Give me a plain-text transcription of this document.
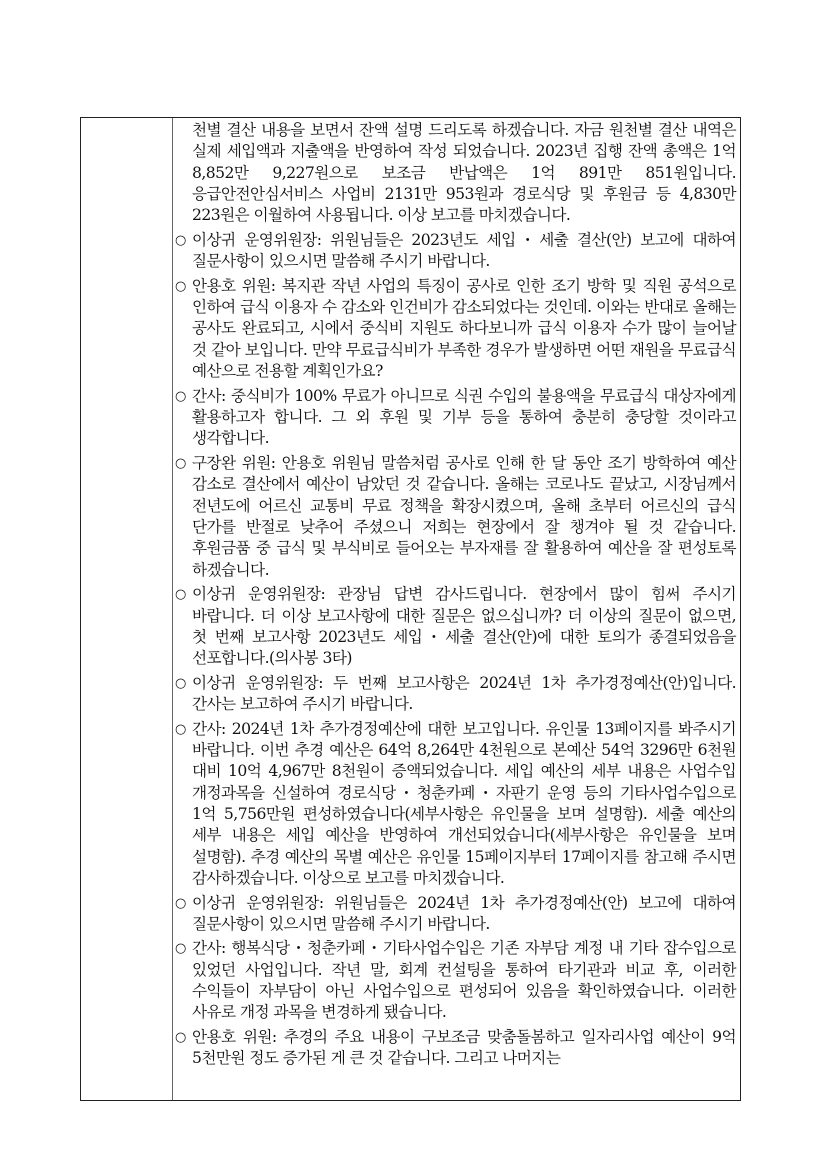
천별 결산 내용을 보면서 잔액 설명 드리도록 하겠습니다. 자금 원천별 결산 내역은 실제 세입액과 지출액을 반영하여 작성 되었습니다. 2023년 집행 잔액 총액은 1억 8,852만 9,227원으로 보조금 반납액은 1억 891만 851원입니다. 응급안전안심서비스 사업비 2131만 953원과 경로식당 및 후원금 등 4,830만 223원은 이월하여 사용됩니다. 이상 보고를 마치겠습니다.

○ 이상귀 운영위원장: 위원님들은 2023년도 세입・세출 결산(안) 보고에 대하여 질문사항이 있으시면 말씀해 주시기 바랍니다.

○ 안용호 위원: 복지관 작년 사업의 특징이 공사로 인한 조기 방학 및 직원 공석으로 인하여 급식 이용자 수 감소와 인건비가 감소되었다는 것인데. 이와는 반대로 올해는 공사도 완료되고, 시에서 중식비 지원도 하다보니까 급식 이용자 수가 많이 늘어날 것 같아 보입니다. 만약 무료급식비가 부족한 경우가 발생하면 어떤 재원을 무료급식 예산으로 전용할 계획인가요?

○ 간사: 중식비가 100% 무료가 아니므로 식권 수입의 불용액을 무료급식 대상자에게 활용하고자 합니다. 그 외 후원 및 기부 등을 통하여 충분히 충당할 것이라고 생각합니다.

○ 구장완 위원: 안용호 위원님 말씀처럼 공사로 인해 한 달 동안 조기 방학하여 예산 감소로 결산에서 예산이 남았던 것 같습니다. 올해는 코로나도 끝났고, 시장님께서 전년도에 어르신 교통비 무료 정책을 확장시켰으며, 올해 초부터 어르신의 급식 단가를 반절로 낮추어 주셨으니 저희는 현장에서 잘 챙겨야 될 것 같습니다. 후원금품 중 급식 및 부식비로 들어오는 부자재를 잘 활용하여 예산을 잘 편성토록 하겠습니다.

○ 이상귀 운영위원장: 관장님 답변 감사드립니다. 현장에서 많이 힘써 주시기 바랍니다. 더 이상 보고사항에 대한 질문은 없으십니까? 더 이상의 질문이 없으면, 첫 번째 보고사항 2023년도 세입・세출 결산(안)에 대한 토의가 종결되었음을 선포합니다.(의사봉 3타)

○ 이상귀 운영위원장: 두 번째 보고사항은 2024년 1차 추가경정예산(안)입니다. 간사는 보고하여 주시기 바랍니다.

○ 간사: 2024년 1차 추가경정예산에 대한 보고입니다. 유인물 13페이지를 봐주시기 바랍니다. 이번 추경 예산은 64억 8,264만 4천원으로 본예산 54억 3296만 6천원 대비 10억 4,967만 8천원이 증액되었습니다. 세입 예산의 세부 내용은 사업수입 개정과목을 신설하여 경로식당・청춘카페・자판기 운영 등의 기타사업수입으로 1억 5,756만원 편성하였습니다(세부사항은 유인물을 보며 설명함). 세출 예산의 세부 내용은 세입 예산을 반영하여 개선되었습니다(세부사항은 유인물을 보며 설명함). 추경 예산의 목별 예산은 유인물 15페이지부터 17페이지를 참고해 주시면 감사하겠습니다. 이상으로 보고를 마치겠습니다.

○ 이상귀 운영위원장: 위원님들은 2024년 1차 추가경정예산(안) 보고에 대하여 질문사항이 있으시면 말씀해 주시기 바랍니다.

○ 간사: 행복식당・청춘카페・기타사업수입은 기존 자부담 계정 내 기타 잡수입으로 있었던 사업입니다. 작년 말, 회계 컨설팅을 통하여 타기관과 비교 후, 이러한 수익들이 자부담이 아닌 사업수입으로 편성되어 있음을 확인하였습니다. 이러한 사유로 개정 과목을 변경하게 됐습니다.

○ 안용호 위원: 추경의 주요 내용이 구보조금 맞춤돌봄하고 일자리사업 예산이 9억 5천만원 정도 증가된 게 큰 것 같습니다. 그리고 나머지는
